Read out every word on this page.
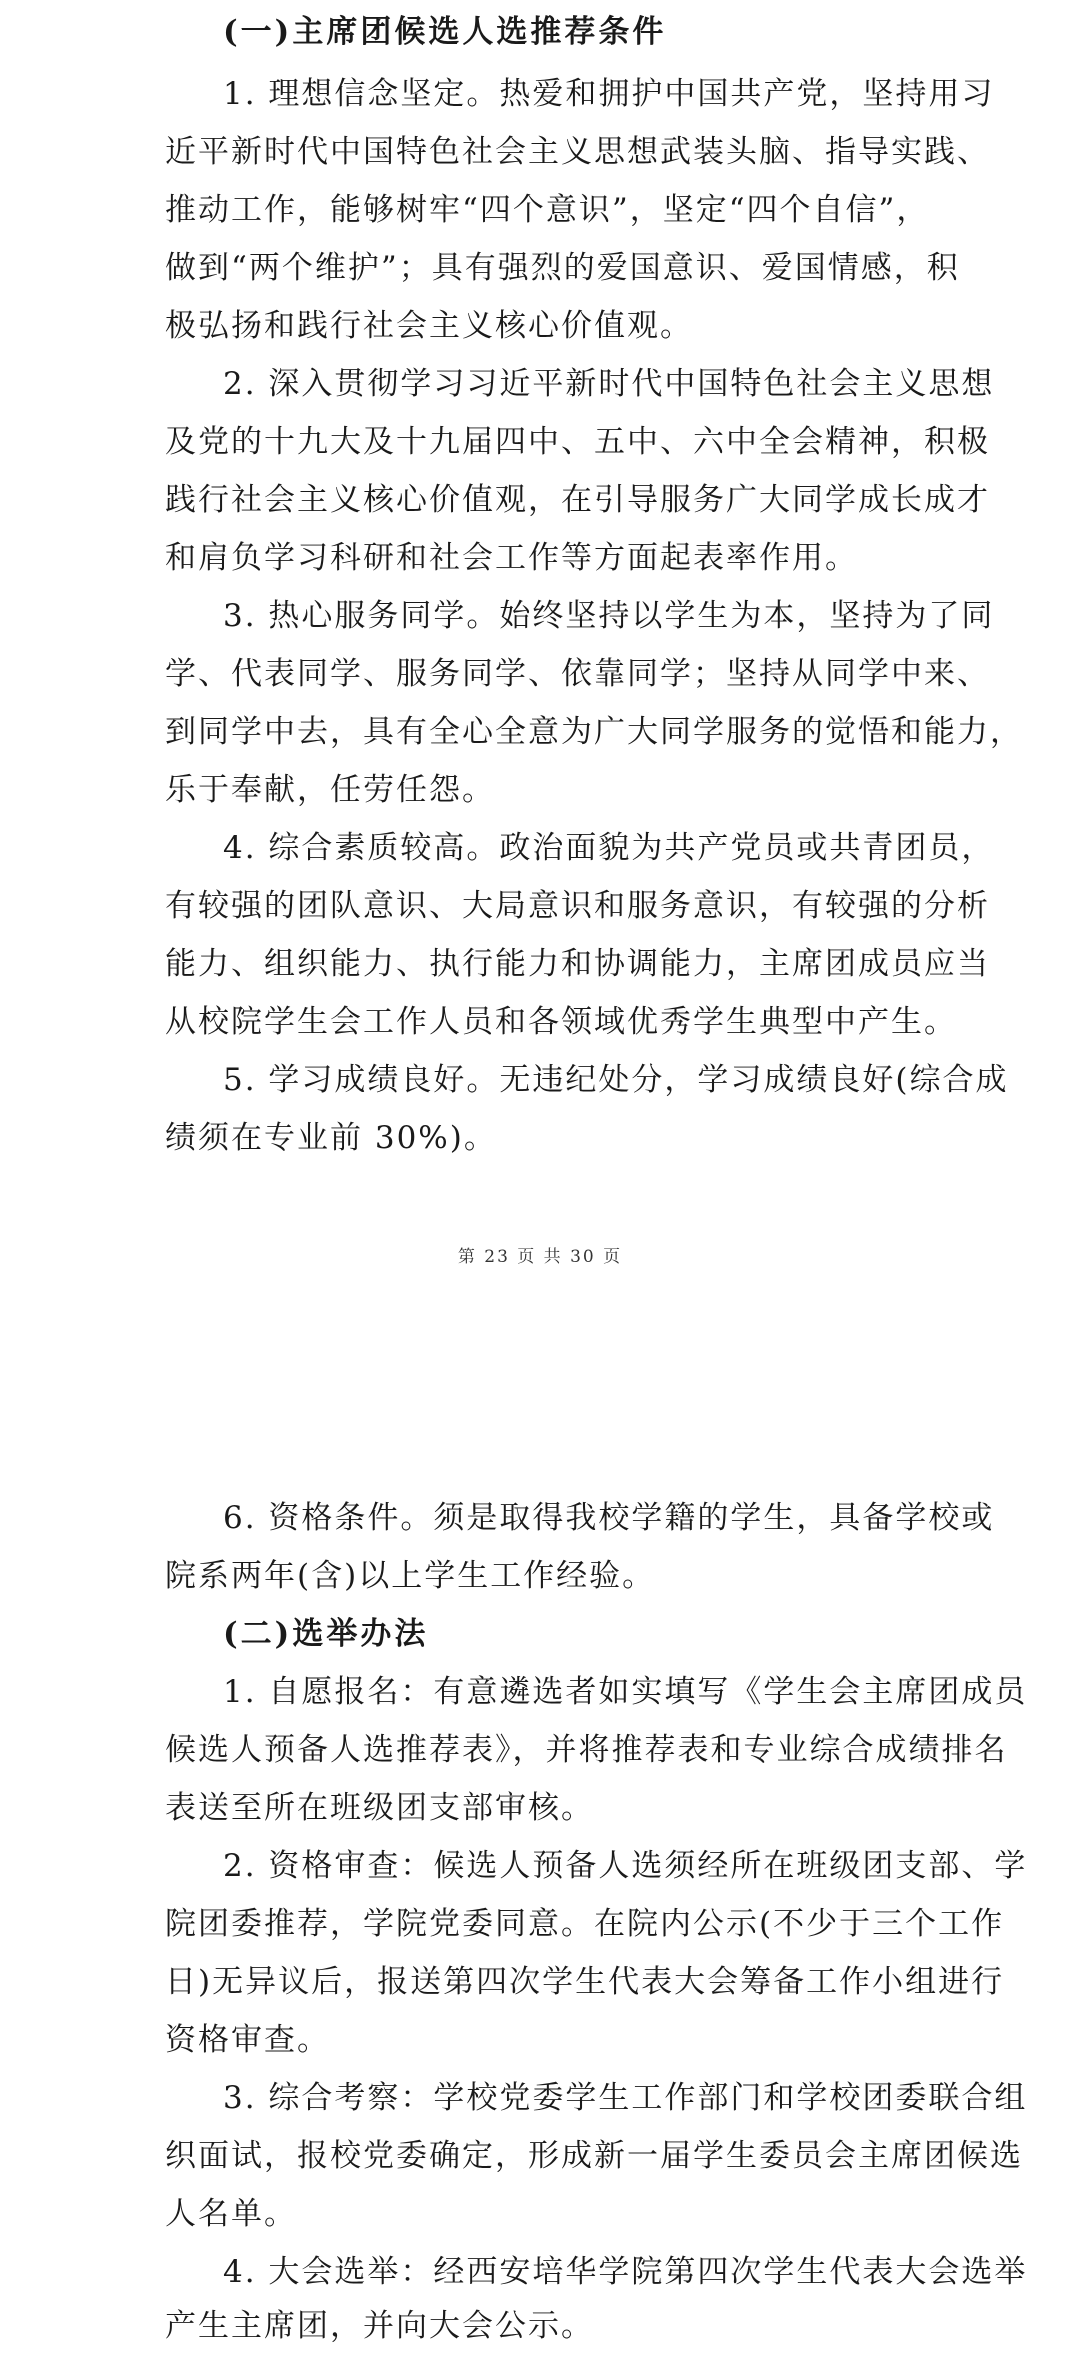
(一)主席团候选人选推荐条件
1. 理想信念坚定。热爱和拥护中国共产党，坚持用习
近平新时代中国特色社会主义思想武装头脑、指导实践、
推动工作，能够树牢“四个意识”，坚定“四个自信”，
做到“两个维护”；具有强烈的爱国意识、爱国情感，积
极弘扬和践行社会主义核心价值观。
2. 深入贯彻学习习近平新时代中国特色社会主义思想
及党的十九大及十九届四中、五中、六中全会精神，积极
践行社会主义核心价值观，在引导服务广大同学成长成才
和肩负学习科研和社会工作等方面起表率作用。
3. 热心服务同学。始终坚持以学生为本，坚持为了同
学、代表同学、服务同学、依靠同学；坚持从同学中来、
到同学中去，具有全心全意为广大同学服务的觉悟和能力，
乐于奉献，任劳任怨。
4. 综合素质较高。政治面貌为共产党员或共青团员，
有较强的团队意识、大局意识和服务意识，有较强的分析
能力、组织能力、执行能力和协调能力，主席团成员应当
从校院学生会工作人员和各领域优秀学生典型中产生。
5. 学习成绩良好。无违纪处分，学习成绩良好(综合成
绩须在专业前 30%)。
第 23 页 共 30 页
6. 资格条件。须是取得我校学籍的学生，具备学校或
院系两年(含)以上学生工作经验。
(二)选举办法
1. 自愿报名：有意遴选者如实填写《学生会主席团成员
候选人预备人选推荐表》，并将推荐表和专业综合成绩排名
表送至所在班级团支部审核。
2. 资格审查：候选人预备人选须经所在班级团支部、学
院团委推荐，学院党委同意。在院内公示(不少于三个工作
日)无异议后，报送第四次学生代表大会筹备工作小组进行
资格审查。
3. 综合考察：学校党委学生工作部门和学校团委联合组
织面试，报校党委确定，形成新一届学生委员会主席团候选
人名单。
4. 大会选举：经西安培华学院第四次学生代表大会选举
产生主席团，并向大会公示。
